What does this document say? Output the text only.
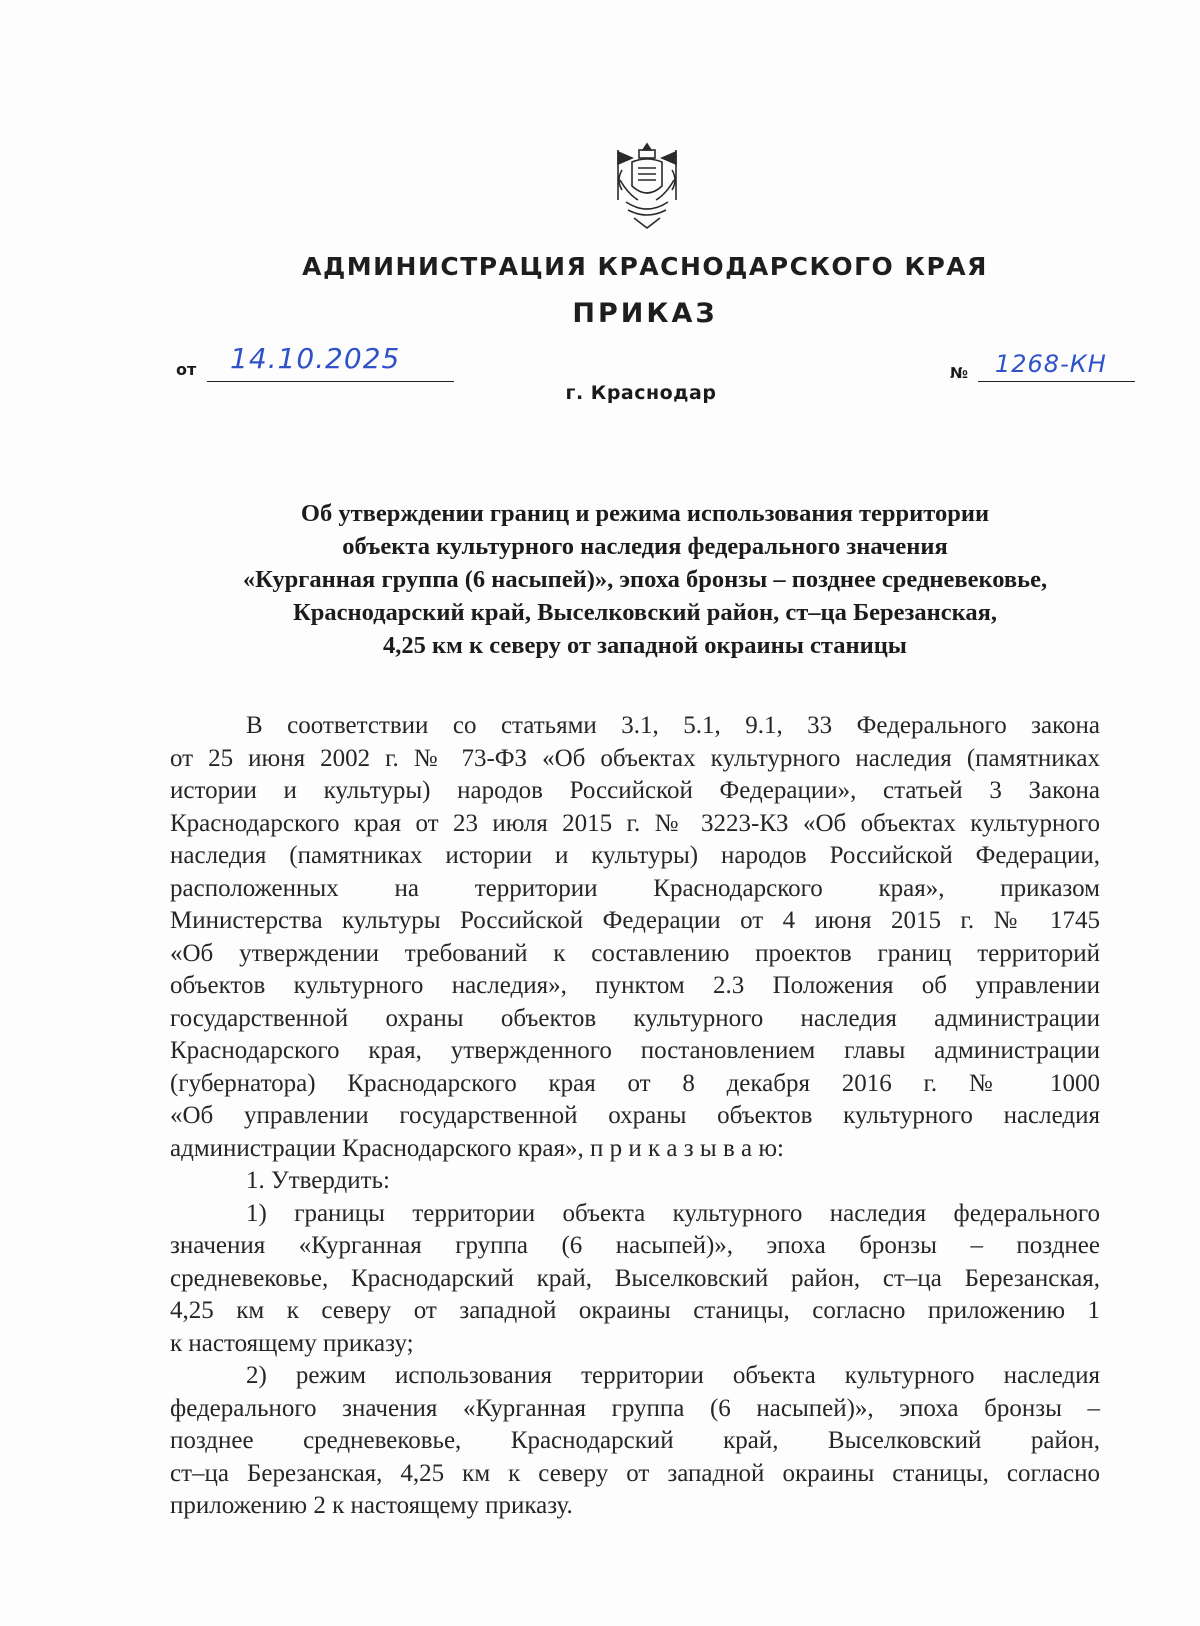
АДМИНИСТРАЦИЯ КРАСНОДАРСКОГО КРАЯ
ПРИКАЗ
от 14.10.2025	№ 1268-КН
г. Краснодар
Об утверждении границ и режима использования территории
объекта культурного наследия федерального значения
«Курганная группа (6 насыпей)», эпоха бронзы – позднее средневековье,
Краснодарский край, Выселковский район, ст–ца Березанская,
4,25 км к северу от западной окраины станицы
В соответствии со статьями 3.1, 5.1, 9.1, 33 Федерального закона
от 25 июня 2002 г. № 73-ФЗ «Об объектах культурного наследия (памятниках
истории и культуры) народов Российской Федерации», статьей 3 Закона
Краснодарского края от 23 июля 2015 г. № 3223-КЗ «Об объектах культурного
наследия (памятниках истории и культуры) народов Российской Федерации,
расположенных на территории Краснодарского края», приказом
Министерства культуры Российской Федерации от 4 июня 2015 г. № 1745
«Об утверждении требований к составлению проектов границ территорий
объектов культурного наследия», пунктом 2.3 Положения об управлении
государственной охраны объектов культурного наследия администрации
Краснодарского края, утвержденного постановлением главы администрации
(губернатора) Краснодарского края от 8 декабря 2016 г. № 1000
«Об управлении государственной охраны объектов культурного наследия
администрации Краснодарского края», п р и к а з ы в а ю:
1. Утвердить:
1) границы территории объекта культурного наследия федерального
значения «Курганная группа (6 насыпей)», эпоха бронзы – позднее
средневековье, Краснодарский край, Выселковский район, ст–ца Березанская,
4,25 км к северу от западной окраины станицы, согласно приложению 1
к настоящему приказу;
2) режим использования территории объекта культурного наследия
федерального значения «Курганная группа (6 насыпей)», эпоха бронзы –
позднее средневековье, Краснодарский край, Выселковский район,
ст–ца Березанская, 4,25 км к северу от западной окраины станицы, согласно
приложению 2 к настоящему приказу.
